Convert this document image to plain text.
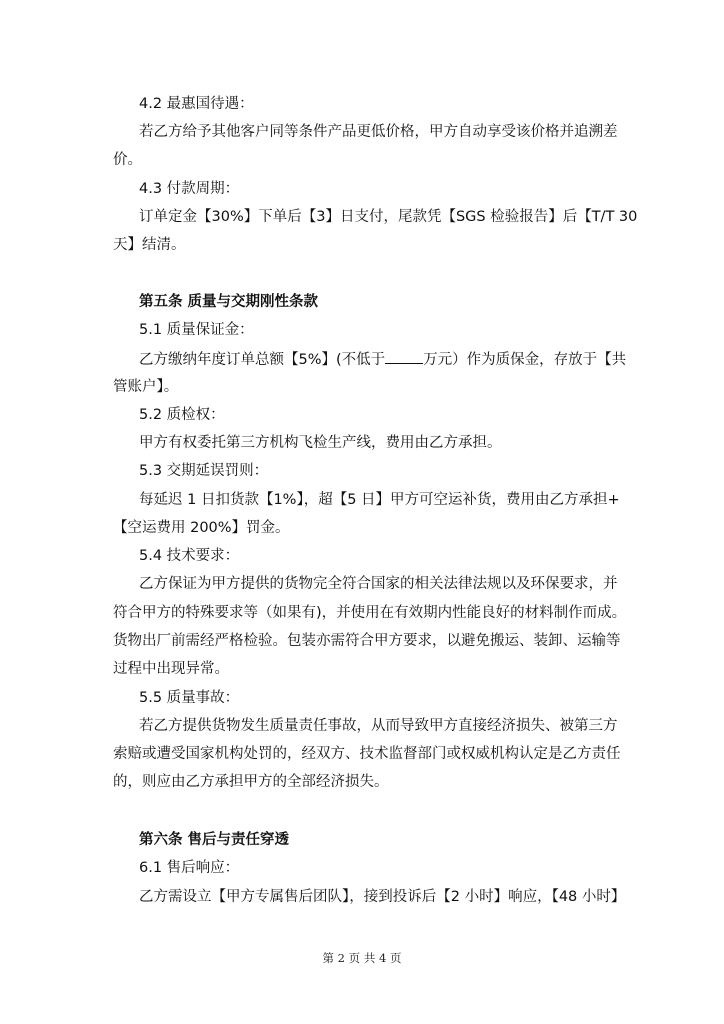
4.2 最惠国待遇：
若乙方给予其他客户同等条件产品更低价格，甲方自动享受该价格并追溯差
价。
4.3 付款周期：
订单定金【30%】下单后【3】日支付，尾款凭【SGS 检验报告】后【T/T 30
天】结清。
第五条 质量与交期刚性条款
5.1 质量保证金：
乙方缴纳年度订单总额【5%】(不低于	万元）作为质保金，存放于【共
管账户】。
5.2 质检权：
甲方有权委托第三方机构飞检生产线，费用由乙方承担。
5.3 交期延误罚则：
每延迟 1 日扣货款【1%】，超【5 日】甲方可空运补货，费用由乙方承担+
【空运费用 200%】罚金。
5.4 技术要求：
乙方保证为甲方提供的货物完全符合国家的相关法律法规以及环保要求，并
符合甲方的特殊要求等（如果有)，并使用在有效期内性能良好的材料制作而成。
货物出厂前需经严格检验。包装亦需符合甲方要求，以避免搬运、装卸、运输等
过程中出现异常。
5.5 质量事故：
若乙方提供货物发生质量责任事故，从而导致甲方直接经济损失、被第三方
索赔或遭受国家机构处罚的，经双方、技术监督部门或权威机构认定是乙方责任
的，则应由乙方承担甲方的全部经济损失。
第六条 售后与责任穿透
6.1 售后响应：
乙方需设立【甲方专属售后团队】，接到投诉后【2 小时】响应，【48 小时】
第 2 页 共 4 页
